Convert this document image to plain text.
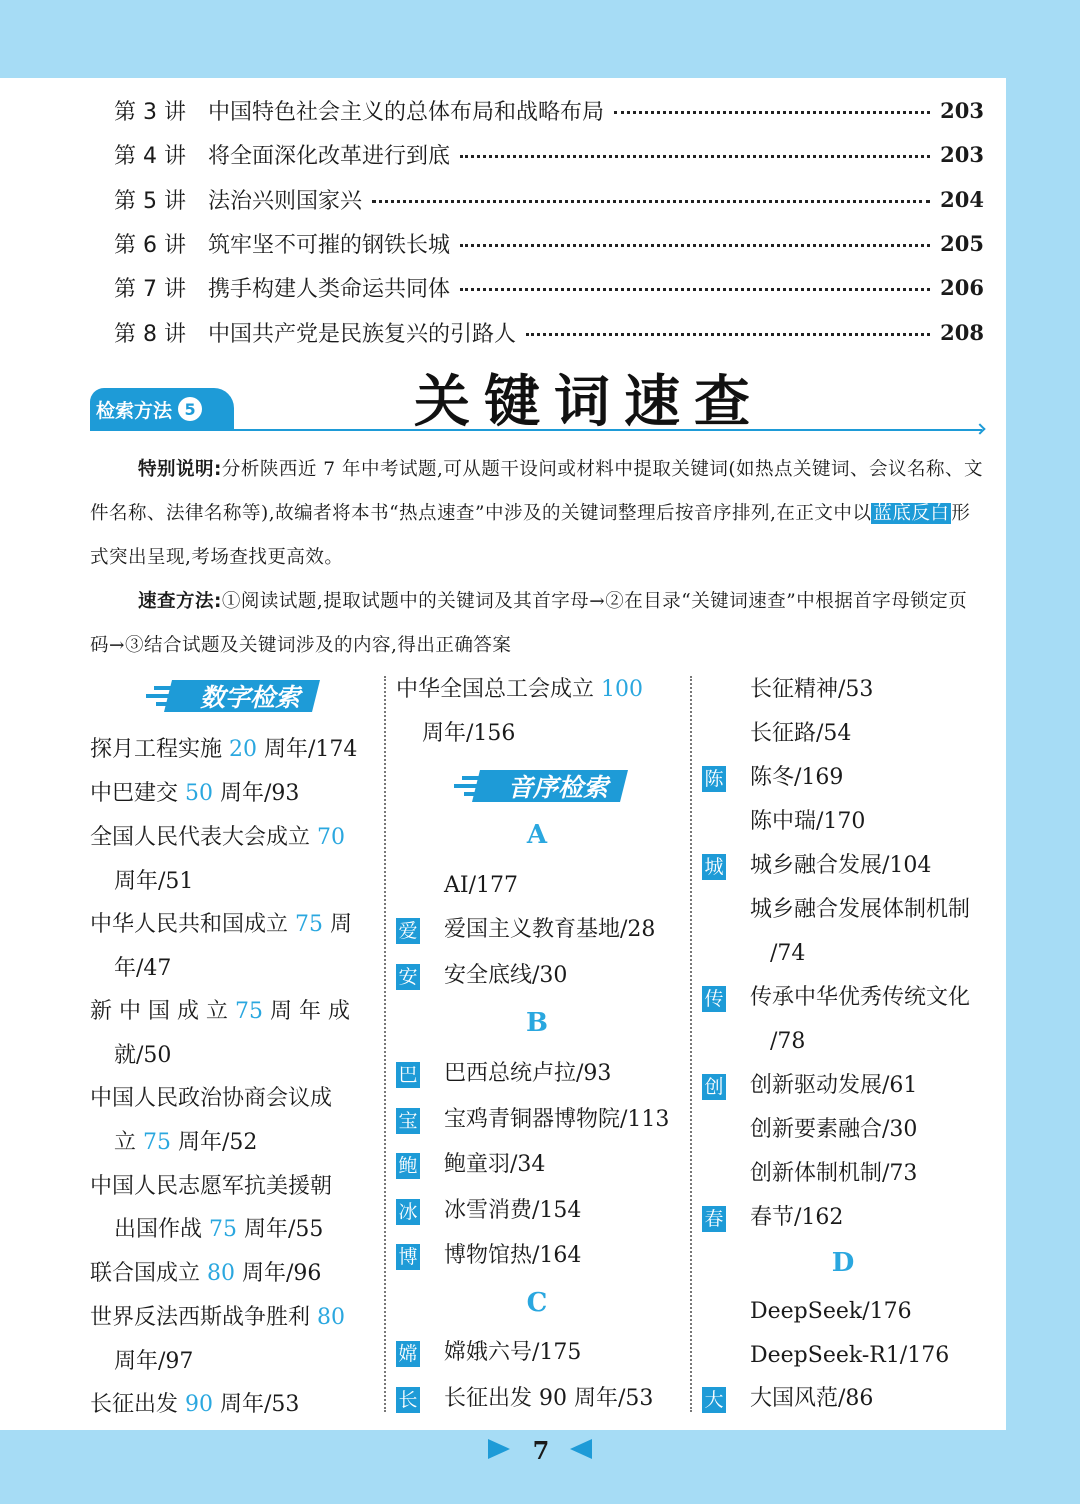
第 3 讲	中国特色社会主义的总体布局和战略布局	203
第 4 讲	将全面深化改革进行到底	203
第 5 讲	法治兴则国家兴	204
第 6 讲	筑牢坚不可摧的钢铁长城	205
第 7 讲	携手构建人类命运共同体	206
第 8 讲	中国共产党是民族复兴的引路人	208
检索方法 5	关键词速查
特别说明:分析陕西近 7 年中考试题,可从题干设问或材料中提取关键词(如热点关键词、会议名称、文件名称、法律名称等),故编者将本书“热点速查”中涉及的关键词整理后按音序排列,在正文中以 蓝底反白 形式突出呈现,考场查找更高效。
速查方法:①阅读试题,提取试题中的关键词及其首字母→②在目录“关键词速查”中根据首字母锁定页码→③结合试题及关键词涉及的内容,得出正确答案
数字检索
探月工程实施 20 周年/174
中巴建交 50 周年/93
全国人民代表大会成立 70
周年/51
中华人民共和国成立 75 周
年/47
新 中 国 成 立 75 周 年 成
就/50
中国人民政治协商会议成
立 75 周年/52
中国人民志愿军抗美援朝
出国作战 75 周年/55
联合国成立 80 周年/96
世界反法西斯战争胜利 80
周年/97
长征出发 90 周年/53
中华全国总工会成立 100
周年/156
音序检索
A
AI/177
爱 爱国主义教育基地/28
安 安全底线/30
B
巴 巴西总统卢拉/93
宝 宝鸡青铜器博物院/113
鲍 鲍童羽/34
冰 冰雪消费/154
博 博物馆热/164
C
嫦 嫦娥六号/175
长 长征出发 90 周年/53
长征精神/53
长征路/54
陈 陈冬/169
陈中瑞/170
城 城乡融合发展/104
城乡融合发展体制机制
/74
传 传承中华优秀传统文化
/78
创 创新驱动发展/61
创新要素融合/30
创新体制机制/73
春 春节/162
D
DeepSeek/176
DeepSeek-R1/176
大 大国风范/86
7
